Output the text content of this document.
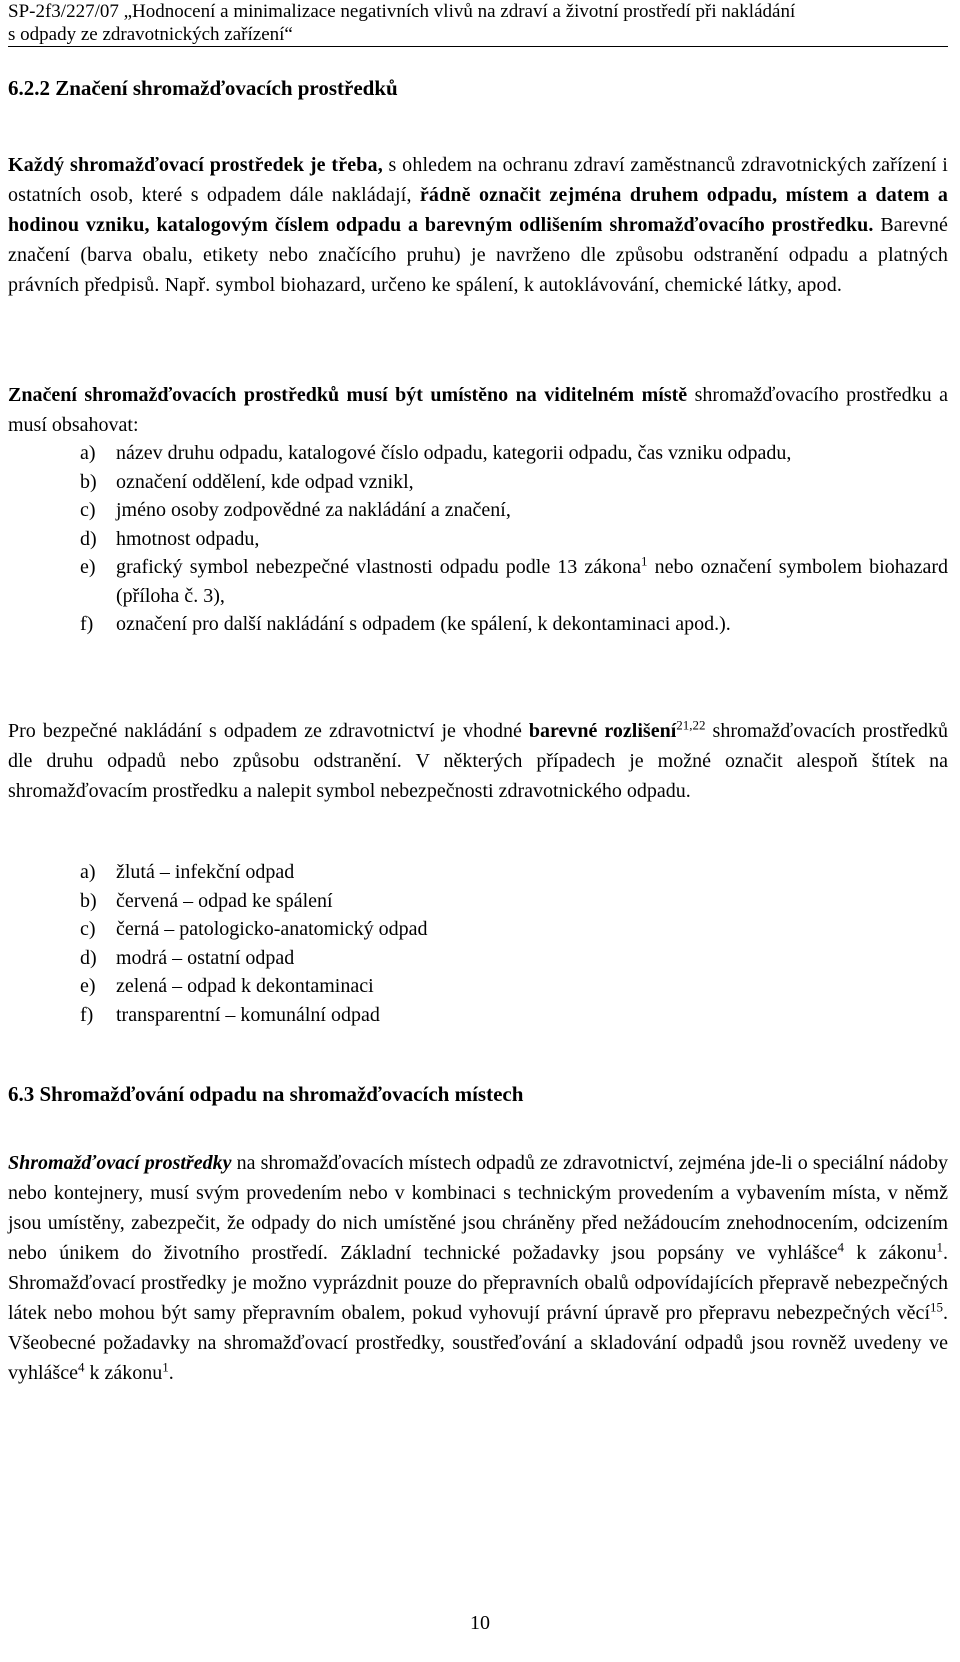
SP-2f3/227/07 „Hodnocení a minimalizace negativních vlivů na zdraví a životní prostředí při nakládání
s odpady ze zdravotnických zařízení“
6.2.2 Značení shromažďovacích prostředků
Každý shromažďovací prostředek je třeba, s ohledem na ochranu zdraví zaměstnanců zdravotnických zařízení i ostatních osob, které s odpadem dále nakládají, řádně označit zejména druhem odpadu, místem a datem a hodinou vzniku, katalogovým číslem odpadu a barevným odlišením shromažďovacího prostředku. Barevné značení (barva obalu, etikety nebo značícího pruhu) je navrženo dle způsobu odstranění odpadu a platných právních předpisů. Např. symbol biohazard, určeno ke spálení, k autoklávování, chemické látky, apod.
Značení shromažďovacích prostředků musí být umístěno na viditelném místě shromažďovacího prostředku a musí obsahovat:
a)	název druhu odpadu, katalogové číslo odpadu, kategorii odpadu, čas vzniku odpadu,
b) označení oddělení, kde odpad vznikl,
c)	jméno osoby zodpovědné za nakládání a značení,
d) hmotnost odpadu,
e)	grafický symbol nebezpečné vlastnosti odpadu podle 13 zákona$^1$ nebo označení symbolem biohazard (příloha č. 3),
f)	označení pro další nakládání s odpadem (ke spálení, k dekontaminaci apod.).
Pro bezpečné nakládání s odpadem ze zdravotnictví je vhodné barevné rozlišení$^{21,22}$ shromažďovacích prostředků dle druhu odpadů nebo způsobu odstranění. V některých případech je možné označit alespoň štítek na shromažďovacím prostředku a nalepit symbol nebezpečnosti zdravotnického odpadu.
a)	žlutá – infekční odpad
b) červená – odpad ke spálení
c)	černá – patologicko-anatomický odpad
d) modrá – ostatní odpad
e)	zelená – odpad k dekontaminaci
f)	transparentní – komunální odpad
6.3 Shromažďování odpadu na shromažďovacích místech
Shromažďovací prostředky na shromažďovacích místech odpadů ze zdravotnictví, zejména jde-li o speciální nádoby nebo kontejnery, musí svým provedením nebo v kombinaci s technickým provedením a vybavením místa, v němž jsou umístěny, zabezpečit, že odpady do nich umístěné jsou chráněny před nežádoucím znehodnocením, odcizením nebo únikem do životního prostředí. Základní technické požadavky jsou popsány ve vyhlášce$^4$ k zákonu$^1$. Shromažďovací prostředky je možno vyprázdnit pouze do přepravních obalů odpovídajících přepravě nebezpečných látek nebo mohou být samy přepravním obalem, pokud vyhovují právní úpravě pro přepravu nebezpečných věcí$^{15}$. Všeobecné požadavky na shromažďovací prostředky, soustřeďování a skladování odpadů jsou rovněž uvedeny ve vyhlášce$^4$ k zákonu$^1$.
10
